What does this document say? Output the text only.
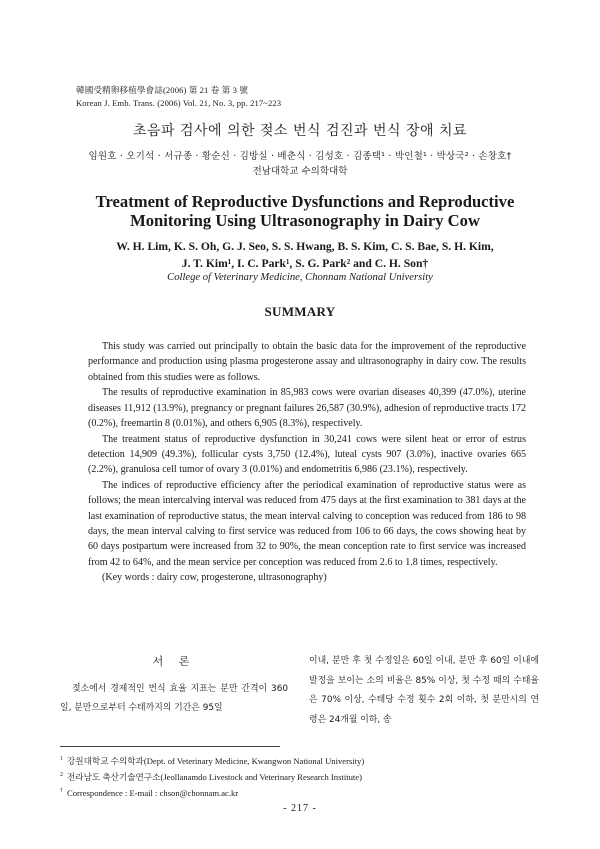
韓國受精卵移植學會誌(2006) 第 21 卷 第 3 號
Korean J. Emb. Trans. (2006) Vol. 21, No. 3, pp. 217~223
초음파 검사에 의한 젖소 번식 검진과 번식 장애 치료
임원호 · 오기석 · 서규종 · 황순신 · 김방실 · 배춘식 · 김성호 · 김종택¹ · 박인철¹ · 박상국² · 손창호†
전남대학교 수의학대학
Treatment of Reproductive Dysfunctions and Reproductive
Monitoring Using Ultrasonography in Dairy Cow
W. H. Lim, K. S. Oh, G. J. Seo, S. S. Hwang, B. S. Kim, C. S. Bae, S. H. Kim,
J. T. Kim¹, I. C. Park¹, S. G. Park² and C. H. Son†
College of Veterinary Medicine, Chonnam National University
SUMMARY

This study was carried out principally to obtain the basic data for the improvement of the reproductive performance and production using plasma progesterone assay and ultrasonography in dairy cow. The results obtained from this studies were as follows.

The results of reproductive examination in 85,983 cows were ovarian diseases 40,399 (47.0%), uterine diseases 11,912 (13.9%), pregnancy or pregnant failures 26,587 (30.9%), adhesion of reproductive tracts 172 (0.2%), freemartin 8 (0.01%), and others 6,905 (8.3%), respectively.

The treatment status of reproductive dysfunction in 30,241 cows were silent heat or error of estrus detection 14,909 (49.3%), follicular cysts 3,750 (12.4%), luteal cysts 907 (3.0%), inactive ovaries 665 (2.2%), granulosa cell tumor of ovary 3 (0.01%) and endometritis 6,986 (23.1%), respectively.

The indices of reproductive efficiency after the periodical examination of reproductive status were as follows; the mean intercalving interval was reduced from 475 days at the first examination to 381 days at the last examination of reproductive status, the mean interval calving to conception was reduced from 186 to 98 days, the mean interval calving to first service was reduced from 106 to 66 days, the cows showing heat by 60 days postpartum were increased from 32 to 90%, the mean conception rate to first service was increased from 42 to 64%, and the mean service per conception was reduced from 2.6 to 1.8 times, respectively.

(Key words : dairy cow, progesterone, ultrasonography)

서 론

젖소에서 경제적인 번식 효율 지표는 분만 간격이 360일, 분만으로부터 수태까지의 기간은 95일

이내, 분만 후 첫 수정일은 60일 이내, 분만 후 60일 이내에 발정을 보이는 소의 비율은 85% 이상, 첫 수정 때의 수태율은 70% 이상, 수태당 수정 횟수 2회 이하, 첫 분만시의 연령은 24개월 이하, 송

$^1$ 강원대학교 수의학과(Dept. of Veterinary Medicine, Kwangwon National University)
$^2$ 전라남도 축산기술연구소(Jeollanamdo Livestock and Veterinary Research Institute)
† Correspondence : E-mail : chson@chonnam.ac.kr
- 217 -
